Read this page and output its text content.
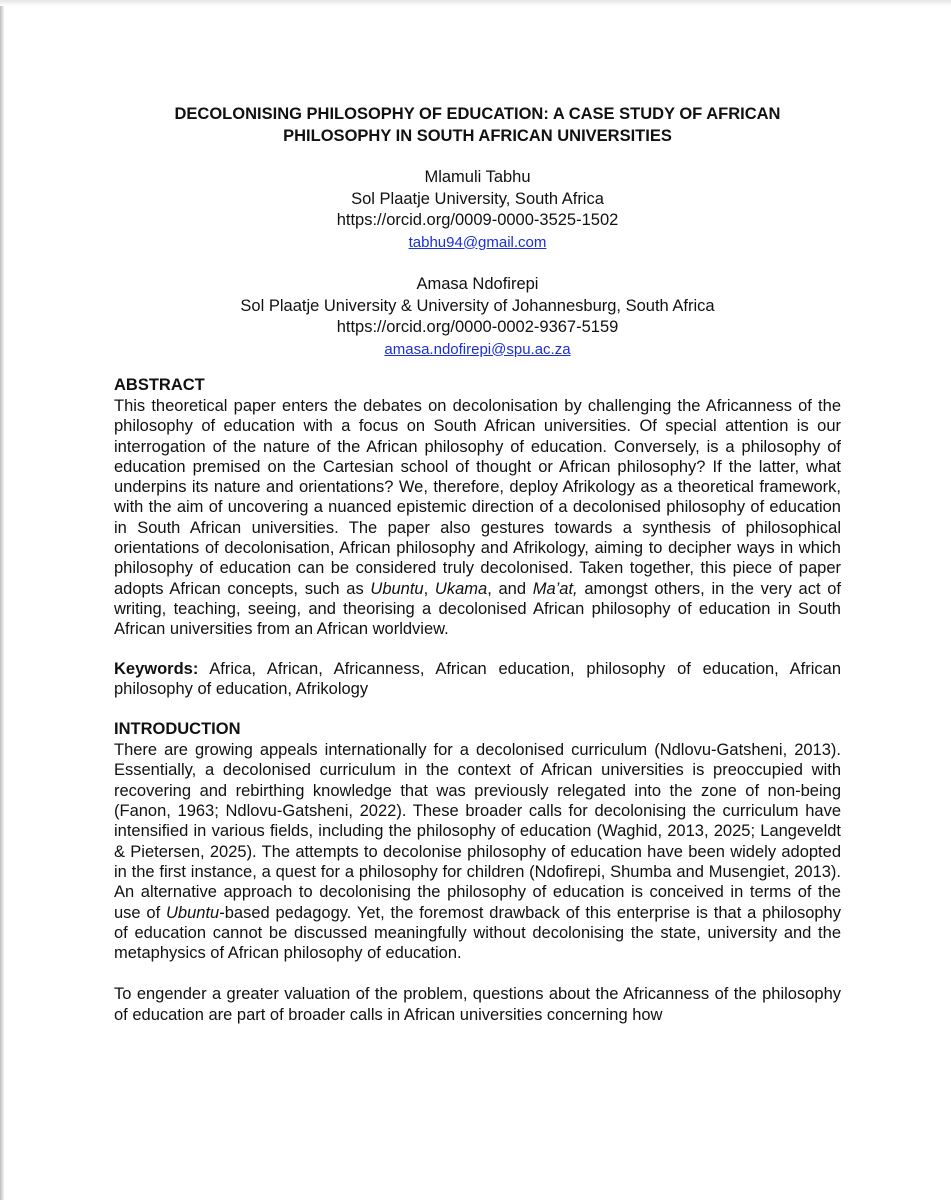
DECOLONISING PHILOSOPHY OF EDUCATION: A CASE STUDY OF AFRICAN PHILOSOPHY IN SOUTH AFRICAN UNIVERSITIES
Mlamuli Tabhu
Sol Plaatje University, South Africa
https://orcid.org/0009-0000-3525-1502
tabhu94@gmail.com
Amasa Ndofirepi
Sol Plaatje University & University of Johannesburg, South Africa
https://orcid.org/0000-0002-9367-5159
amasa.ndofirepi@spu.ac.za
ABSTRACT

This theoretical paper enters the debates on decolonisation by challenging the Africanness of the philosophy of education with a focus on South African universities. Of special attention is our interrogation of the nature of the African philosophy of education. Conversely, is a philosophy of education premised on the Cartesian school of thought or African philosophy? If the latter, what underpins its nature and orientations? We, therefore, deploy Afrikology as a theoretical framework, with the aim of uncovering a nuanced epistemic direction of a decolonised philosophy of education in South African universities. The paper also gestures towards a synthesis of philosophical orientations of decolonisation, African philosophy and Afrikology, aiming to decipher ways in which philosophy of education can be considered truly decolonised. Taken together, this piece of paper adopts African concepts, such as Ubuntu, Ukama, and Ma’at, amongst others, in the very act of writing, teaching, seeing, and theorising a decolonised African philosophy of education in South African universities from an African worldview.

Keywords: Africa, African, Africanness, African education, philosophy of education, African philosophy of education, Afrikology

INTRODUCTION

There are growing appeals internationally for a decolonised curriculum (Ndlovu-Gatsheni, 2013). Essentially, a decolonised curriculum in the context of African universities is preoccupied with recovering and rebirthing knowledge that was previously relegated into the zone of non-being (Fanon, 1963; Ndlovu-Gatsheni, 2022). These broader calls for decolonising the curriculum have intensified in various fields, including the philosophy of education (Waghid, 2013, 2025; Langeveldt & Pietersen, 2025). The attempts to decolonise philosophy of education have been widely adopted in the first instance, a quest for a philosophy for children (Ndofirepi, Shumba and Musengiet, 2013). An alternative approach to decolonising the philosophy of education is conceived in terms of the use of Ubuntu-based pedagogy. Yet, the foremost drawback of this enterprise is that a philosophy of education cannot be discussed meaningfully without decolonising the state, university and the metaphysics of African philosophy of education.

To engender a greater valuation of the problem, questions about the Africanness of the philosophy of education are part of broader calls in African universities concerning how
